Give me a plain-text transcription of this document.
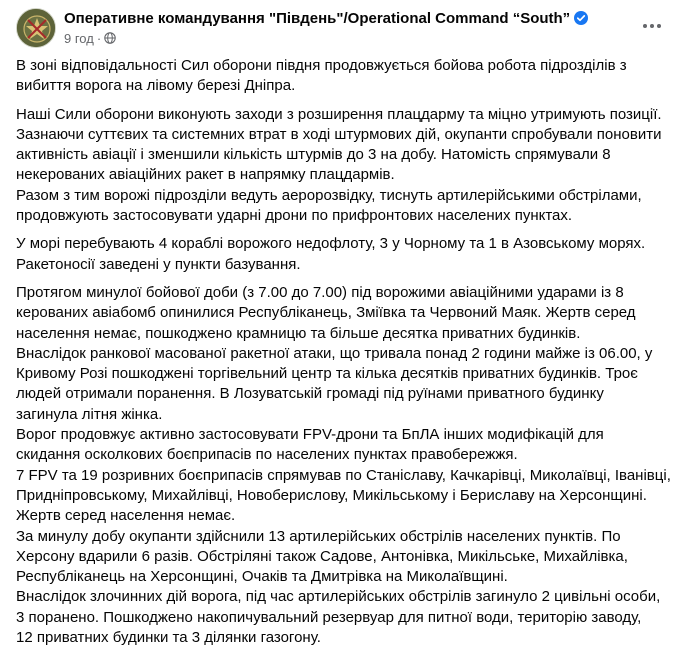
Оперативне командування "Південь"/Operational Command “South”
9 год ·
В зоні відповідальності Сил оборони півдня продовжується бойова робота підрозділів з
вибиття ворога на лівому березі Дніпра.
Наші Сили оборони виконують заходи з розширення плацдарму та міцно утримують позиції.
Зазнаючи суттєвих та системних втрат в ході штурмових дій, окупанти спробували поновити
активність авіації і зменшили кількість штурмів до 3 на добу. Натомість спрямували 8
некерованих авіаційних ракет в напрямку плацдармів.
Разом з тим ворожі підрозділи ведуть аеророзвідку, тиснуть артилерійськими обстрілами,
продовжують застосовувати ударні дрони по прифронтових населених пунктах.
У морі перебувають 4 кораблі ворожого недофлоту, 3 у Чорному та 1 в Азовському морях.
Ракетоносії заведені у пункти базування.
Протягом минулої бойової доби (з 7.00 до 7.00) під ворожими авіаційними ударами із 8
керованих авіабомб опинилися Республіканець, Зміївка та Червоний Маяк. Жертв серед
населення немає, пошкоджено крамницю та більше десятка приватних будинків.
Внаслідок ранкової масованої ракетної атаки, що тривала понад 2 години майже із 06.00, у
Кривому Розі пошкоджені торгівельний центр та кілька десятків приватних будинків. Троє
людей отримали поранення. В Лозуватській громаді під руїнами приватного будинку
загинула літня жінка.
Ворог продовжує активно застосовувати FPV-дрони та БпЛА інших модифікацій для
скидання осколкових боєприпасів по населених пунктах правобережжя.
7 FPV та 19 розривних боєприпасів спрямував по Станіславу, Качкарівці, Миколаївці, Іванівці,
Придніпровському, Михайлівці, Новоберислову, Микільському і Бериславу на Херсонщині.
Жертв серед населення немає.
За минулу добу окупанти здійснили 13 артилерійських обстрілів населених пунктів. По
Херсону вдарили 6 разів. Обстріляні також Садове, Антонівка, Микільське, Михайлівка,
Республіканець на Херсонщині, Очаків та Дмитрівка на Миколаївщині.
Внаслідок злочинних дій ворога, під час артилерійських обстрілів загинуло 2 цивільні особи,
3 поранено. Пошкоджено накопичувальний резервуар для питної води, територію заводу,
12 приватних будинки та 3 ділянки газогону.
